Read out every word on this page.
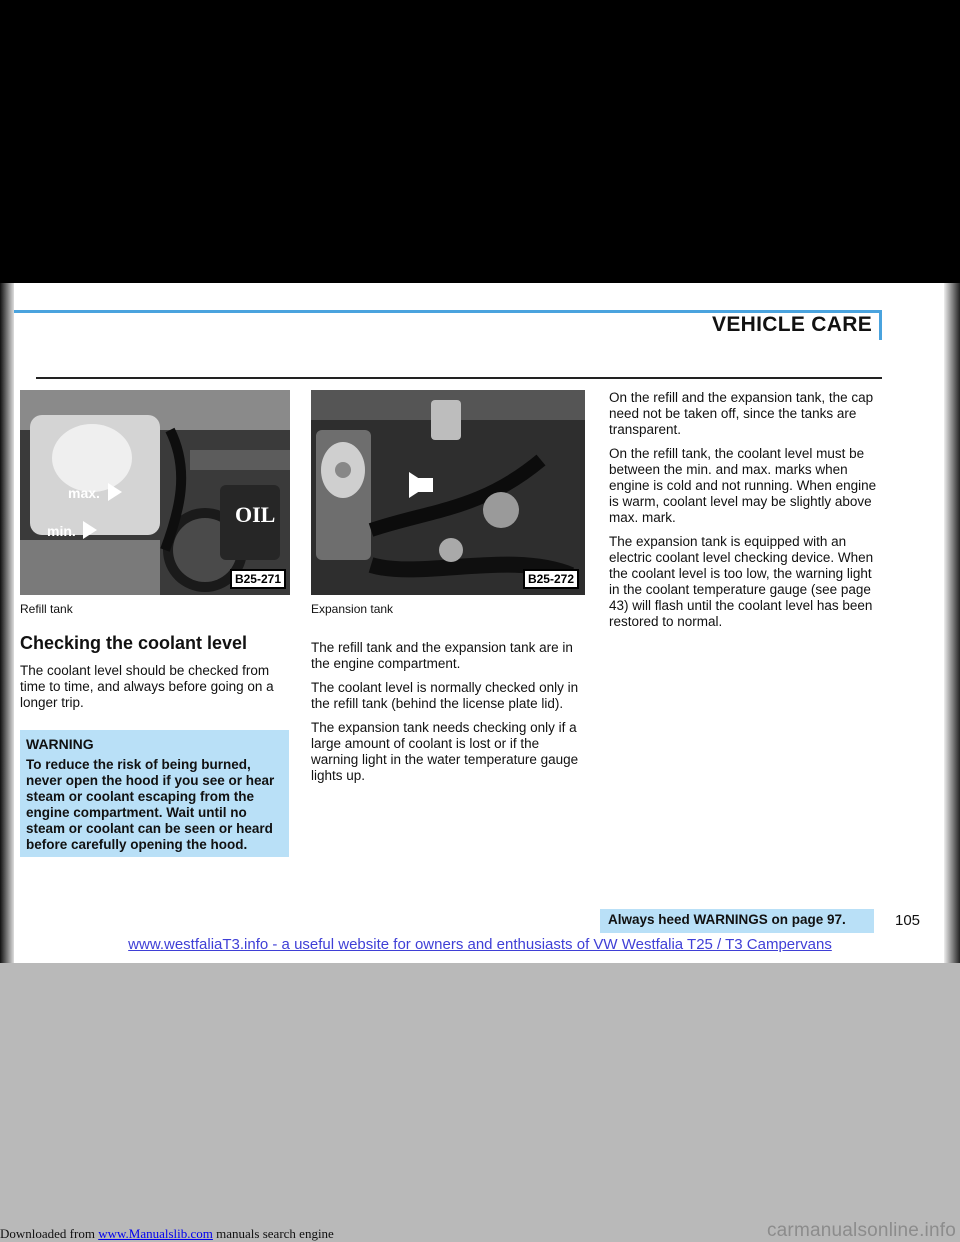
VEHICLE CARE
max.
min.
OIL
B25-271
Refill tank
B25-272
Expansion tank
Checking the coolant level

The coolant level should be checked from time to time, and always before going on a longer trip.

WARNING
To reduce the risk of being burned, never open the hood if you see or hear steam or coolant escaping from the engine compartment. Wait until no steam or coolant can be seen or heard before carefully opening the hood.

The refill tank and the expansion tank are in the engine compartment.

The coolant level is normally checked only in the refill tank (behind the license plate lid).

The expansion tank needs checking only if a large amount of coolant is lost or if the warning light in the water temperature gauge lights up.

On the refill and the expansion tank, the cap need not be taken off, since the tanks are transparent.

On the refill tank, the coolant level must be between the min. and max. marks when engine is cold and not running. When engine is warm, coolant level may be slightly above max. mark.

The expansion tank is equipped with an electric coolant level checking device. When the coolant level is too low, the warning light in the coolant temperature gauge (see page 43) will flash until the coolant level has been restored to normal.

Always heed WARNINGS on page 97.	105
www.westfaliaT3.info - a useful website for owners and enthusiasts of VW Westfalia T25 / T3 Campervans
Downloaded from www.Manualslib.com manuals search engine	carmanualsonline.info
